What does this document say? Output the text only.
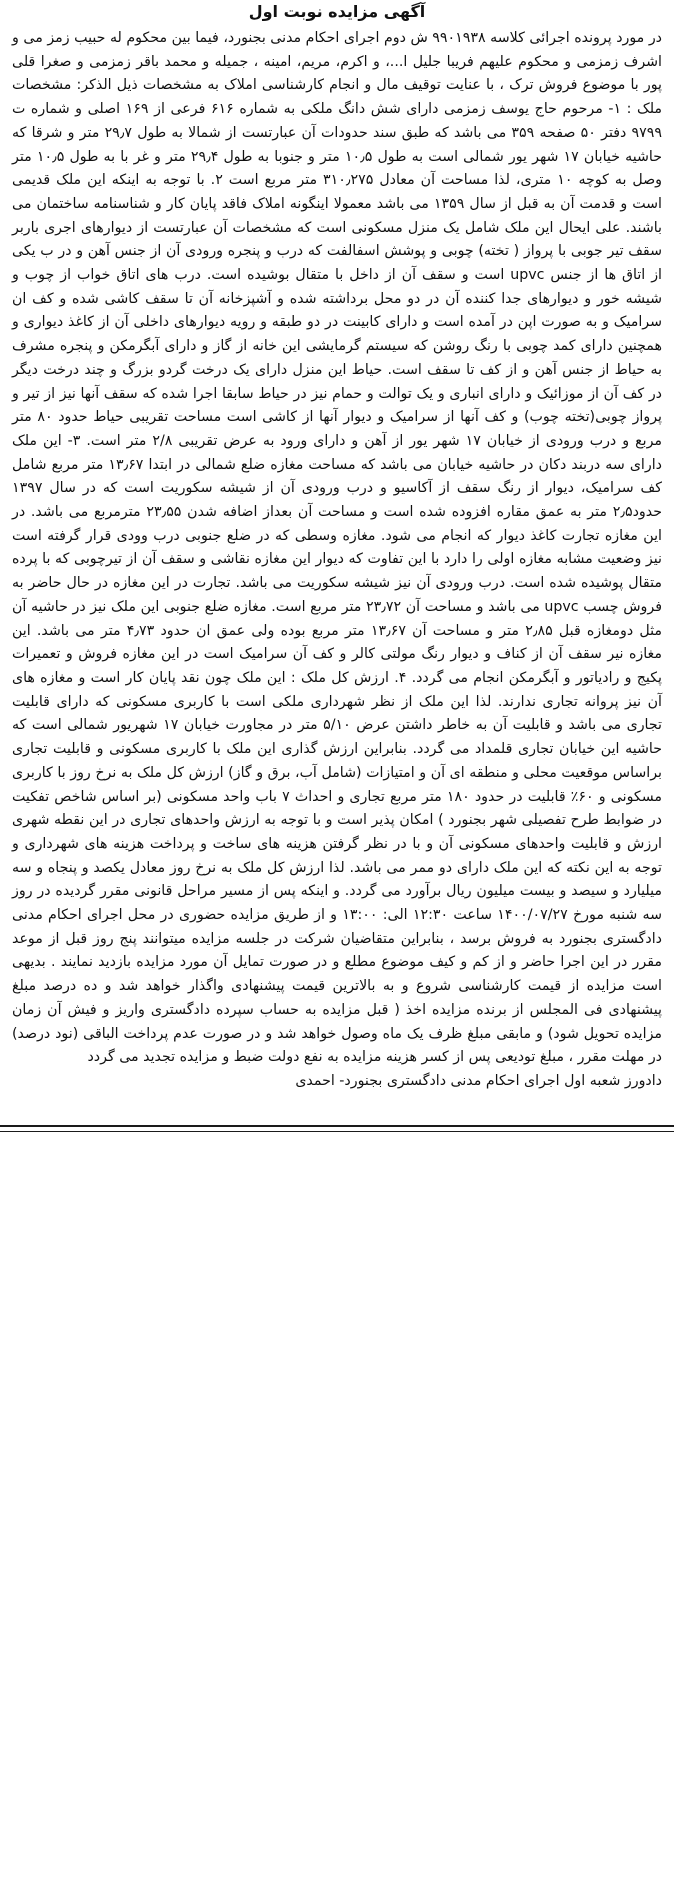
آگهی مزایده نوبت اول

در مورد پرونده اجرائی کلاسه ۹۹۰۱۹۳۸ ش دوم اجرای احکام مدنی بجنورد، فیما بین محکوم له حبیب زمز می و اشرف زمزمی و محکوم علیهم فریبا جلیل ا...، و اکرم، مریم، امینه ، جمیله و محمد باقر زمزمی و صغرا قلی پور با موضوع فروش ترک ، با عنایت توقیف مال و انجام کارشناسی املاک به مشخصات ذیل الذکر: مشخصات ملک : ۱- مرحوم حاج یوسف زمزمی دارای شش دانگ ملکی به شماره ۶۱۶ فرعی از ۱۶۹ اصلی و شماره ت ۹۷۹۹ دفتر ۵۰ صفحه ۳۵۹ می باشد که طبق سند حدودات آن عبارتست از شمالا به طول ۲۹٫۷ متر و شرقا که حاشیه خیابان ۱۷ شهر یور شمالی است به طول ۱۰٫۵ متر و جنوبا به طول ۲۹٫۴ متر و غر با به طول ۱۰٫۵ متر وصل به کوچه ۱۰ متری، لذا مساحت آن معادل ۳۱۰٫۲۷۵ متر مربع است ۲. با توجه به اینکه این ملک قدیمی است و قدمت آن به قبل از سال ۱۳۵۹ می باشد معمولا اینگونه املاک فاقد پایان کار و شناسنامه ساختمان می باشند. علی ایحال این ملک شامل یک منزل مسکونی است که مشخصات آن عبارتست از دیوارهای اجری باربر سقف تیر جوبی با پرواز ( تخته) چوبی و پوشش اسفالفت که درب و پنجره ورودی آن از جنس آهن و در ب یکی از اتاق ها از جنس upvc است و سقف آن از داخل با متقال بوشیده است. درب های اتاق خواب از چوب و شیشه خور و دیوارهای جدا کننده آن در دو محل برداشته شده و آشپزخانه آن تا سقف کاشی شده و کف ان سرامیک و به صورت اپن در آمده است و دارای کابینت در دو طبقه و رویه دیوارهای داخلی آن از کاغذ دیواری و همچنین دارای کمد چوبی با رنگ روشن که سیستم گرمایشی این خانه از گاز و دارای آبگرمکن و پنجره مشرف به حیاط از جنس آهن و از کف تا سقف است. حیاط این منزل دارای یک درخت گردو بزرگ و چند درخت دیگر در کف آن از موزائیک و دارای انباری و یک توالت و حمام نیز در حیاط سابقا اجرا شده که سقف آنها نیز از تیر و پرواز چوبی(تخته چوب) و کف آنها از سرامیک و دیوار آنها از کاشی است مساحت تقریبی حیاط حدود ۸۰ متر مربع و درب ورودی از خیابان ۱۷ شهر یور از آهن و دارای ورود به عرض تقریبی ۲/۸ متر است. ۳- این ملک دارای سه دربند دکان در حاشیه خیابان می باشد که مساحت مغازه ضلع شمالی در ابتدا ۱۳٫۶۷ متر مربع شامل کف سرامیک، دیوار از رنگ سقف از آکاسیو و درب ورودی آن از شیشه سکوریت است که در سال ۱۳۹۷ حدود۲٫۵ متر به عمق مقاره افزوده شده است و مساحت آن بعداز اضافه شدن ۲۳٫۵۵ مترمربع می باشد. در این مغازه تجارت کاغذ دیوار که انجام می شود. مغازه وسطی که در ضلع جنوبی درب وودی قرار گرفته است نیز وضعیت مشابه مغازه اولی را دارد با این تفاوت که دیوار این مغازه نقاشی و سقف آن از تیرچوبی که با پرده متقال پوشیده شده است. درب ورودی آن نیز شیشه سکوریت می باشد. تجارت در این مغازه در حال حاضر به فروش چسب upvc می باشد و مساحت آن ۲۳٫۷۲ متر مربع است. مغازه ضلع جنوبی این ملک نیز در حاشیه آن مثل دومغازه قبل ۲٫۸۵ متر و مساحت آن ۱۳٫۶۷ متر مربع بوده ولی عمق ان حدود ۴٫۷۳ متر می باشد. این مغازه نیر سقف آن از کناف و دیوار رنگ مولتی کالر و کف آن سرامیک است در این مغازه فروش و تعمیرات پکیج و رادیاتور و آبگرمکن انجام می گردد. ۴. ارزش کل ملک : این ملک چون نقد پایان کار است و مغازه های آن نیز پروانه تجاری ندارند. لذا این ملک از نظر شهرداری ملکی است با کاربری مسکونی که دارای قابلیت تجاری می باشد و قابلیت آن به خاطر داشتن عرض ۵/۱۰ متر در مجاورت خیابان ۱۷ شهریور شمالی است که حاشیه این خیابان تجاری قلمداد می گردد. بنابراین ارزش گذاری این ملک با کاربری مسکونی و قابلیت تجاری براساس موقعیت محلی و منطقه ای آن و امتیازات (شامل آب، برق و گاز) ارزش کل ملک به نرخ روز با کاربری مسکونی و ۶۰٪ قابلیت در حدود ۱۸۰ متر مربع تجاری و احداث ۷ باب واحد مسکونی (بر اساس شاخص تفکیت در ضوابط طرح تفصیلی شهر بجنورد ) امکان پذیر است و با توجه به ارزش واحدهای تجاری در این نقطه شهری ارزش و قابلیت واحدهای مسکونی آن و با در نظر گرفتن هزینه های ساخت و پرداخت هزینه های شهرداری و توجه به این نکته که این ملک دارای دو ممر می باشد. لذا ارزش کل ملک به نرخ روز معادل یکصد و پنجاه و سه میلیارد و سیصد و بیست میلیون ریال برآورد می گردد. و اینکه پس از مسیر مراحل قانونی مقرر گردیده در روز سه شنبه مورخ ۱۴۰۰/۰۷/۲۷ ساعت ۱۲:۳۰ الی: ۱۳:۰۰ و از طریق مزایده حضوری در محل اجرای احکام مدنی دادگستری بجنورد به فروش برسد ، بنابراین متقاضیان شرکت در جلسه مزایده میتوانند پنج روز قبل از موعد مقرر در این اجرا حاضر و از کم و کیف موضوع مطلع و در صورت تمایل آن مورد مزایده بازدید نمایند . بدیهی است مزایده از قیمت کارشناسی شروع و به بالاترین قیمت پیشنهادی واگذار خواهد شد و ده درصد مبلغ پیشنهادی فی المجلس از برنده مزایده اخذ ( قبل مزایده به حساب سپرده دادگستری واریز و فیش آن زمان مزایده تحویل شود) و مابقی مبلغ ظرف یک ماه وصول خواهد شد و در صورت عدم پرداخت الباقی (نود درصد) در مهلت مقرر ، مبلغ تودیعی پس از کسر هزینه مزایده به نفع دولت ضبط و مزایده تجدید می گردد

دادورز شعبه اول اجرای احکام مدنی دادگستری بجنورد- احمدی
